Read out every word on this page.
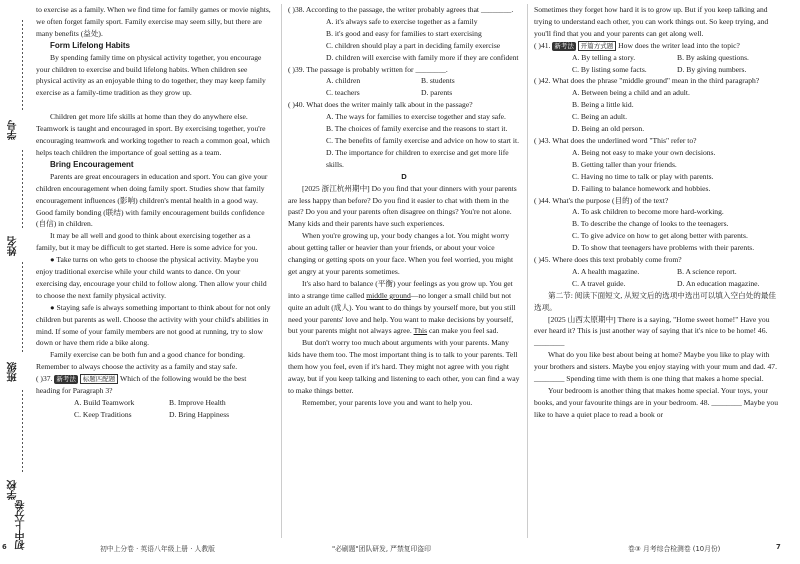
学号
姓名
班级
学校
初中上分卷

to exercise as a family. When we find time for family games or movie nights, we often forget family sport. Family exercise may seem silly, but there are many benefits (益处).

Form Lifelong Habits

By spending family time on physical activity together, you encourage your children to exercise and build lifelong habits. When children see physical activity as an enjoyable thing to do together, they may keep family exercise as a family-time tradition as they grow up.

Children get more life skills at home than they do anywhere else. Teamwork is taught and encouraged in sport. By exercising together, you're encouraging teamwork and working together to reach a common goal, which helps teach children the importance of goal setting as a team.

Bring Encouragement

Parents are great encouragers in education and sport. You can give your children encouragement when doing family sport. Studies show that family encouragement influences (影响) children's mental health in a good way. Good family bonding (联结) with family encouragement builds confidence (自信) in children.

It may be all well and good to think about exercising together as a family, but it may be difficult to get started. Here is some advice for you.

● Take turns on who gets to choose the physical activity. Maybe you enjoy traditional exercise while your child wants to dance. On your exercising day, encourage your child to follow along. Then allow your child to choose the next family physical activity.

● Staying safe is always something important to think about for not only children but parents as well. Choose the activity with your child's abilities in mind. If some of your family members are not good at running, try to slow down or have them ride a bike along.

Family exercise can be both fun and a good chance for bonding. Remember to always choose the activity as a family and stay safe.

( )37. 新考法 标题匹配题 Which of the following would be the best heading for Paragraph 3?

A. Build Teamwork	B. Improve Health
C. Keep Traditions	D. Bring Happiness

( )38. According to the passage, the writer probably agrees that ________.

A. it's always safe to exercise together as a family

B. it's good and easy for families to start exercising

C. children should play a part in deciding family exercise

D. children will exercise with family more if they are confident

( )39. The passage is probably written for ________.

A. children	B. students
C. teachers	D. parents

( )40. What does the writer mainly talk about in the passage?

A. The ways for families to exercise together and stay safe.

B. The choices of family exercise and the reasons to start it.

C. The benefits of family exercise and advice on how to start it.

D. The importance for children to exercise and get more life skills.

D

[2025 浙江杭州期中] Do you find that your dinners with your parents are less happy than before? Do you find it easier to chat with them in the past? Do you and your parents often disagree on things? You're not alone. Many kids and their parents have such experiences.

When you're growing up, your body changes a lot. You might worry about getting taller or heavier than your friends, or about your voice changing or getting spots on your face. When you feel worried, you might get angry at your parents sometimes.

It's also hard to balance (平衡) your feelings as you grow up. You get into a strange time called middle ground—no longer a small child but not quite an adult (成人). You want to do things by yourself more, but you still need your parents' love and help. You want to make decisions by yourself, but your parents might not always agree. This can make you feel sad.

But don't worry too much about arguments with your parents. Many kids have them too. The most important thing is to talk to your parents. Tell them how you feel, even if it's hard. They might not agree with you right away, but if you keep talking and listening to each other, you can find a way to make things better.

Remember, your parents love you and want to help you.

Sometimes they forget how hard it is to grow up. But if you keep talking and trying to understand each other, you can work things out. So keep trying, and you'll find that you and your parents can get along well.

( )41. 新考法 开篇方式题 How does the writer lead into the topic?

A. By telling a story.	B. By asking questions.
C. By listing some facts.	D. By giving numbers.

( )42. What does the phrase "middle ground" mean in the third paragraph?

A. Between being a child and an adult.

B. Being a little kid.

C. Being an adult.

D. Being an old person.

( )43. What does the underlined word "This" refer to?

A. Being not easy to make your own decisions.

B. Getting taller than your friends.

C. Having no time to talk or play with parents.

D. Failing to balance homework and hobbies.

( )44. What's the purpose (目的) of the text?

A. To ask children to become more hard-working.

B. To describe the change of looks to the teenagers.

C. To give advice on how to get along better with parents.

D. To show that teenagers have problems with their parents.

( )45. Where does this text probably come from?

A. A health magazine.	B. A science report.
C. A travel guide.	D. An education magazine.

第二节: 阅读下面短文, 从短文后的选项中选出可以填入空白处的最佳选项。

[2025 山西太原期中] There is a saying, "Home sweet home!" Have you ever heard it? This is just another way of saying that it's nice to be home! 46. ________

What do you like best about being at home? Maybe you like to play with your brothers and sisters. Maybe you enjoy staying with your mum and dad. 47. ________ Spending time with them is one thing that makes a home special.

Your bedroom is another thing that makes home special. Your toys, your books, and your favourite things are in your bedroom. 48. ________ Maybe you like to have a quiet place to read a book or

6	初中上分卷 · 英语八年级上册 · 人教版	"必刷题"团队研发, 严禁复印盗印	卷③ 月考综合检测卷 (10月份)	7
